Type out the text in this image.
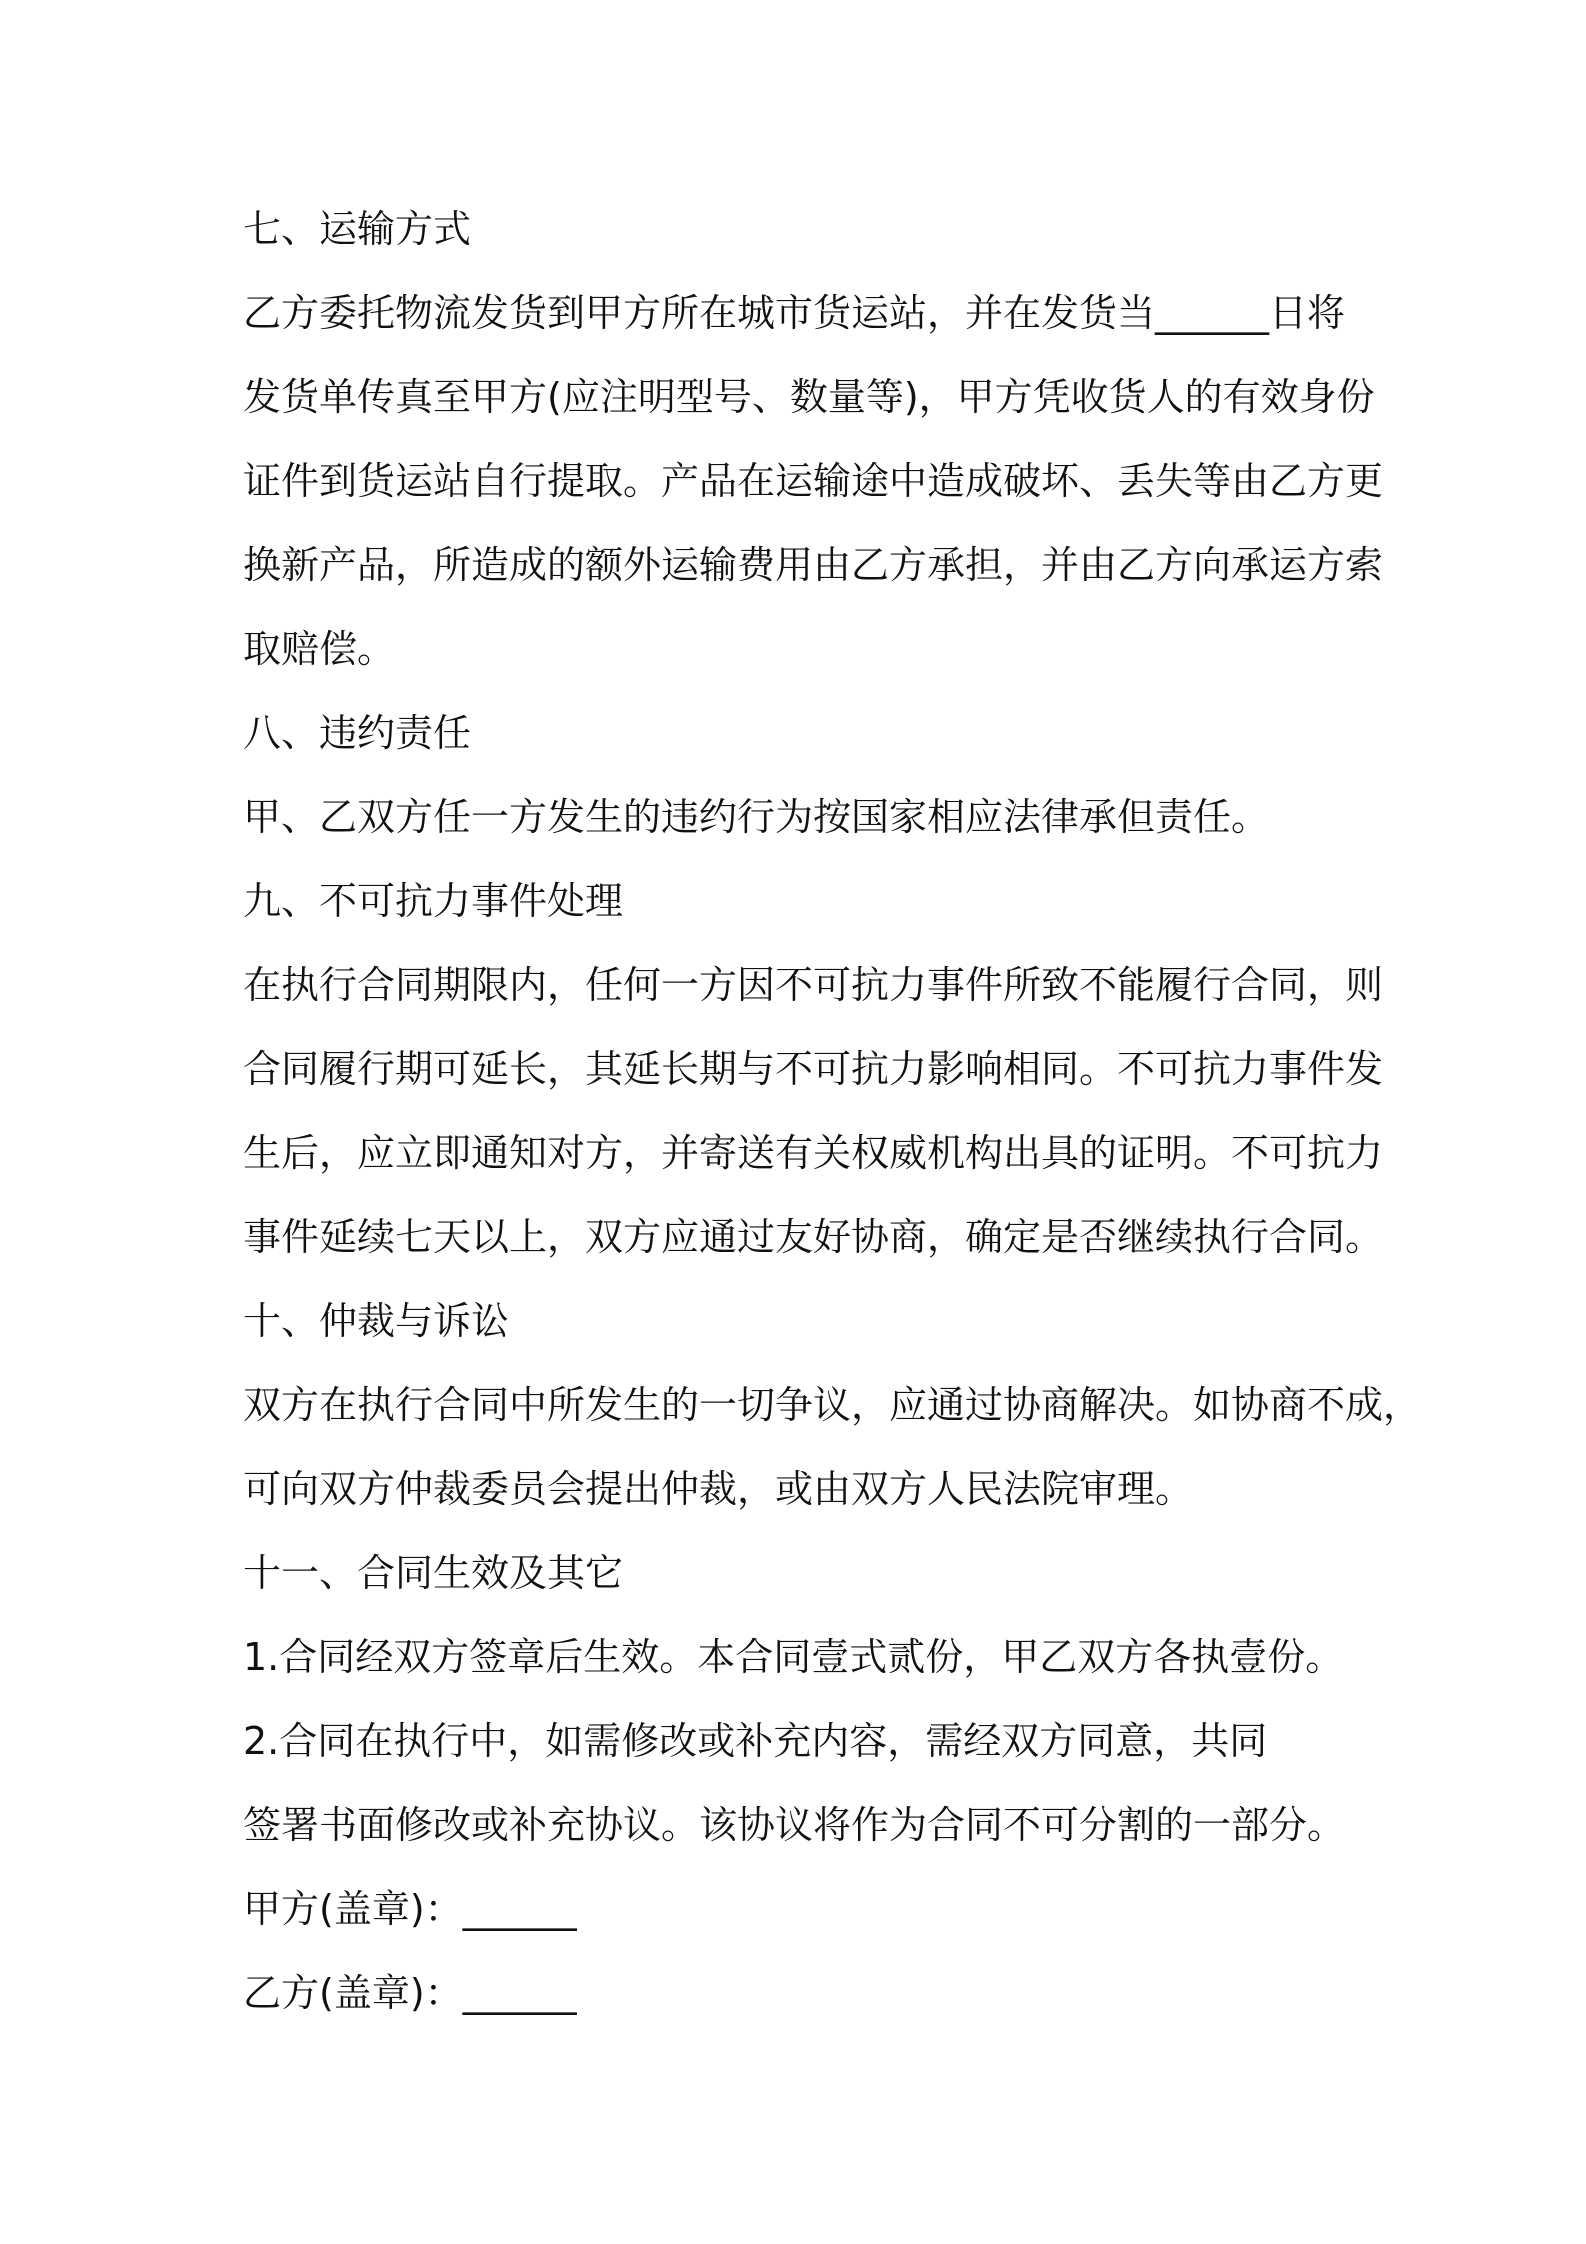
七、运输方式

乙方委托物流发货到甲方所在城市货运站，并在发货当______日将

发货单传真至甲方(应注明型号、数量等)，甲方凭收货人的有效身份

证件到货运站自行提取。产品在运输途中造成破坏、丢失等由乙方更

换新产品，所造成的额外运输费用由乙方承担，并由乙方向承运方索

取赔偿。

八、违约责任

甲、乙双方任一方发生的违约行为按国家相应法律承但责任。

九、不可抗力事件处理

在执行合同期限内，任何一方因不可抗力事件所致不能履行合同，则

合同履行期可延长，其延长期与不可抗力影响相同。不可抗力事件发

生后，应立即通知对方，并寄送有关权威机构出具的证明。不可抗力

事件延续七天以上，双方应通过友好协商，确定是否继续执行合同。

十、仲裁与诉讼

双方在执行合同中所发生的一切争议，应通过协商解决。如协商不成，

可向双方仲裁委员会提出仲裁，或由双方人民法院审理。

十一、合同生效及其它

1.合同经双方签章后生效。本合同壹式贰份，甲乙双方各执壹份。

2.合同在执行中，如需修改或补充内容，需经双方同意，共同

签署书面修改或补充协议。该协议将作为合同不可分割的一部分。

甲方(盖章)：______

乙方(盖章)：______
